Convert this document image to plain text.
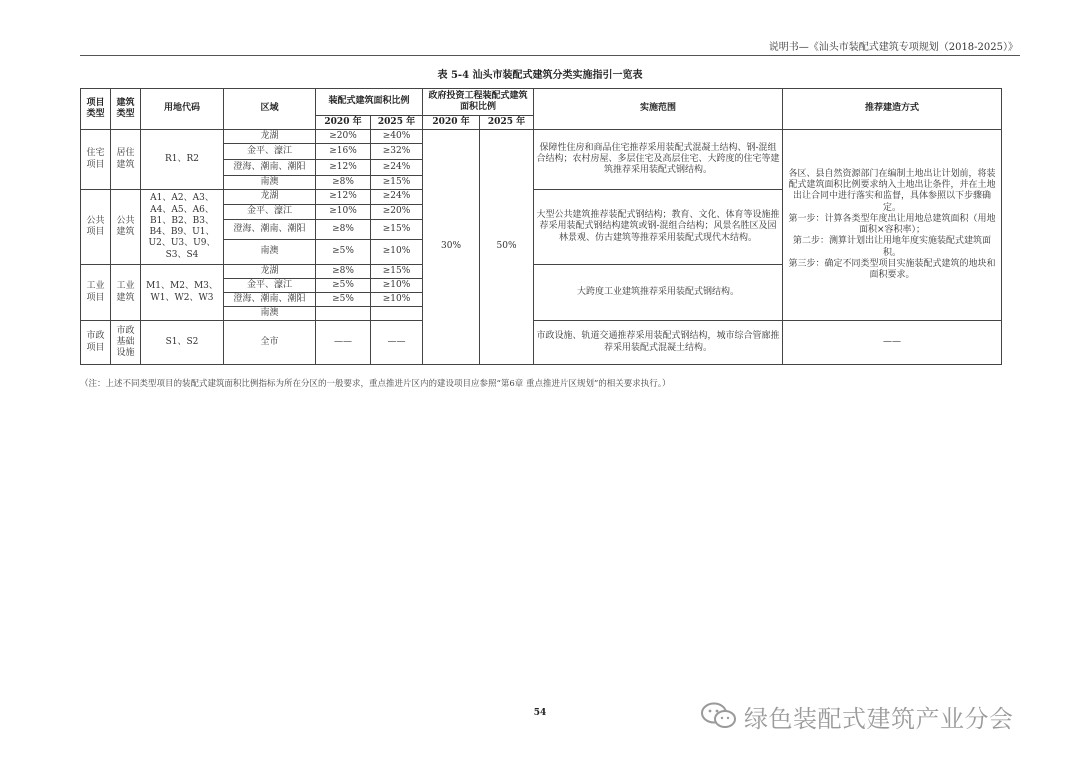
说明书—《汕头市装配式建筑专项规划（2018-2025）》
表 5-4 汕头市装配式建筑分类实施指引一览表
项目类型	建筑类型	用地代码	区域	装配式建筑面积比例		政府投资工程装配式建筑面积比例		实施范围	推荐建造方式
				2020 年	2025 年	2020 年	2025 年		
住宅项目	居住建筑	R1、R2	龙湖	≥20%	≥40%	30%	50%	保障性住房和商品住宅推荐采用装配式混凝土结构、钢-混组合结构；农村房屋、多层住宅及高层住宅、大跨度的住宅等建筑推荐采用装配式钢结构。	各区、县自然资源部门在编制土地出让计划前，将装配式建筑面积比例要求纳入土地出让条件，并在土地出让合同中进行落实和监督，具体参照以下步骤确定。
第一步：计算各类型年度出让用地总建筑面积（用地面积×容积率）；
第二步：测算计划出让用地年度实施装配式建筑面积。
第三步：确定不同类型项目实施装配式建筑的地块和面积要求。

			金平、濠江	≥16%	≥32%				
			澄海、潮南、潮阳	≥12%	≥24%				
			南澳	≥8%	≥15%				
公共项目	公共建筑	A1、A2、A3、A4、A5、A6、B1、B2、B3、B4、B9、U1、U2、U3、U9、S3、S4	龙湖	≥12%	≥24%			大型公共建筑推荐装配式钢结构；教育、文化、体育等设施推荐采用装配式钢结构建筑或钢-混组合结构；风景名胜区及园林景观、仿古建筑等推荐采用装配式现代木结构。	
			金平、濠江	≥10%	≥20%				
			澄海、潮南、潮阳	≥8%	≥15%				
			南澳	≥5%	≥10%				
工业项目	工业建筑	M1、M2、M3、W1、W2、W3	龙湖	≥8%	≥15%			大跨度工业建筑推荐采用装配式钢结构。	
			金平、濠江	≥5%	≥10%				
			澄海、潮南、潮阳	≥5%	≥10%				
			南澳						
市政项目	市政基础设施	S1、S2	全市	——	——			市政设施、轨道交通推荐采用装配式钢结构，城市综合管廊推荐采用装配式混凝土结构。	——
（注：上述不同类型项目的装配式建筑面积比例指标为所在分区的一般要求，重点推进片区内的建设项目应参照“第6章 重点推进片区规划”的相关要求执行。）
54	绿色装配式建筑产业分会
